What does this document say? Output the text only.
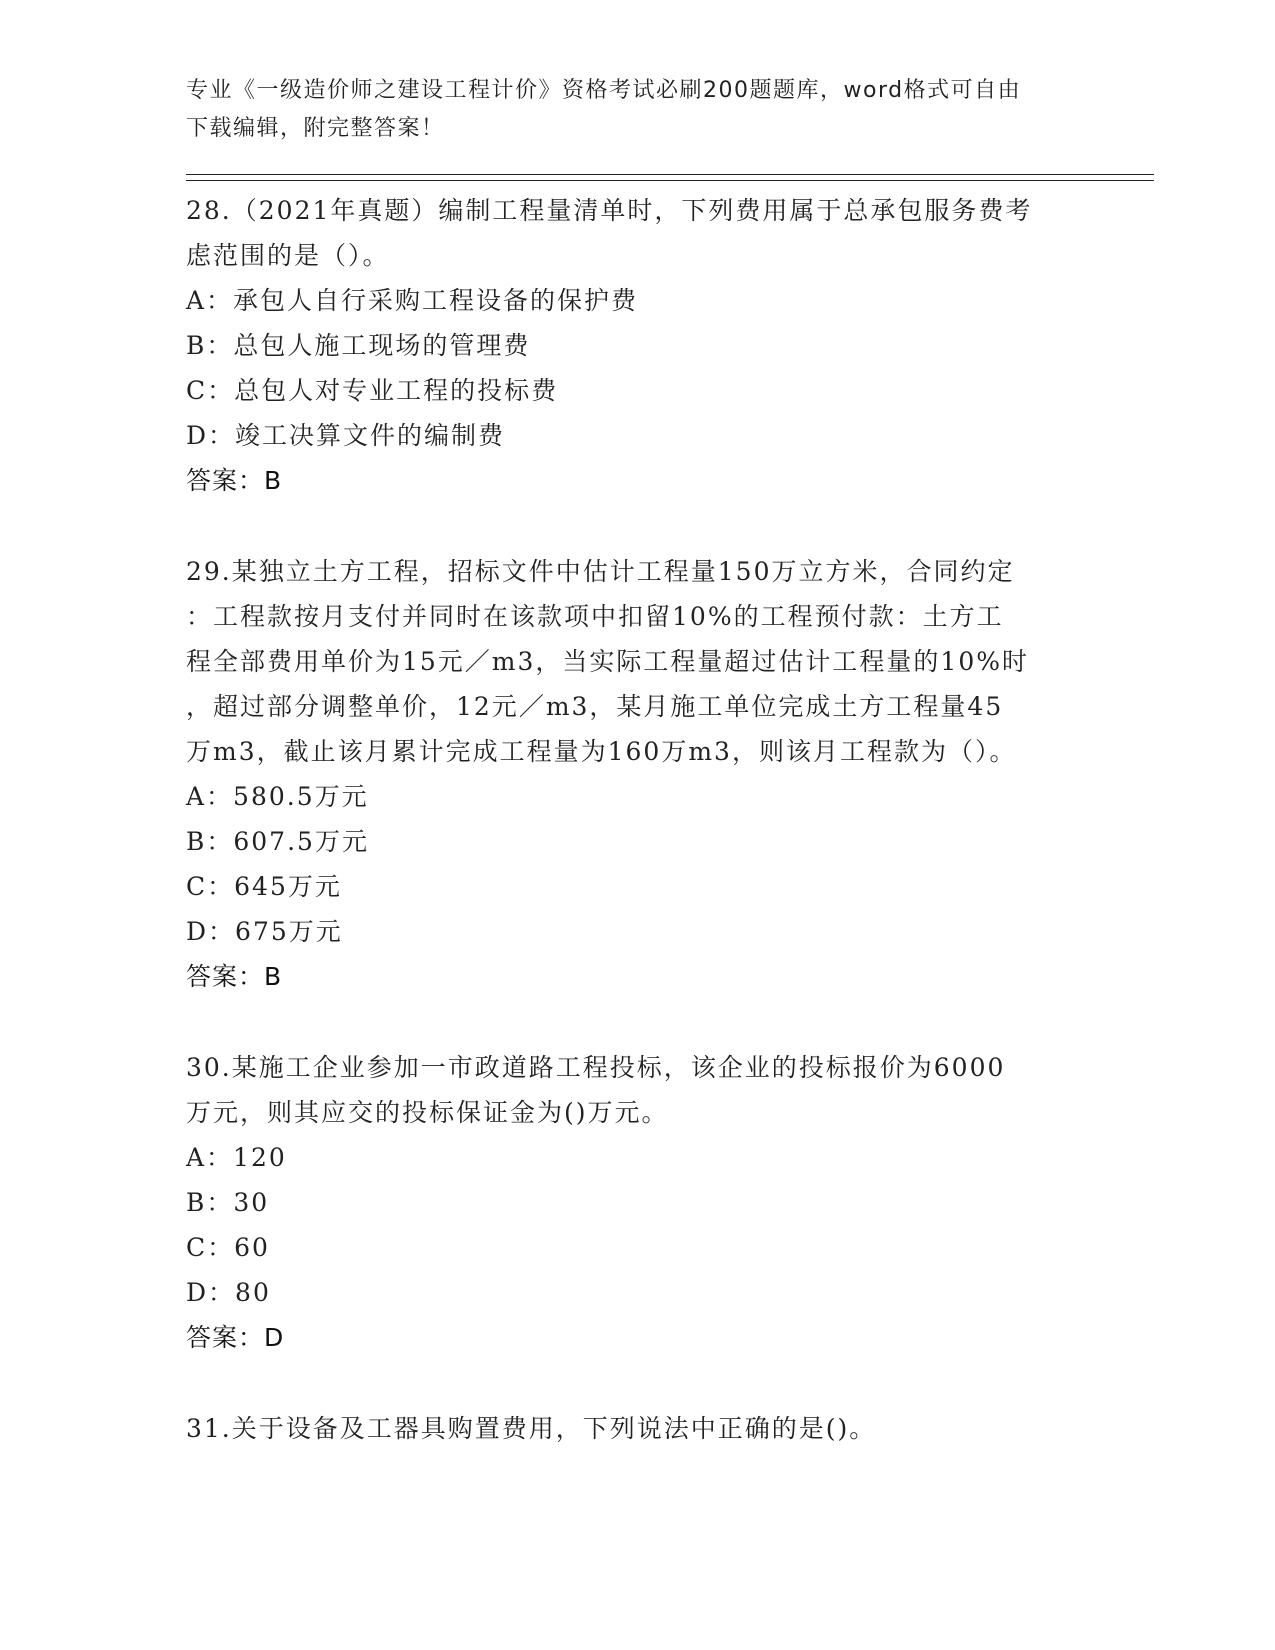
专业《一级造价师之建设工程计价》资格考试必刷200题题库，word格式可自由
下载编辑，附完整答案！

28.（2021年真题）编制工程量清单时，下列费用属于总承包服务费考

虑范围的是（）。

A：承包人自行采购工程设备的保护费

B：总包人施工现场的管理费

C：总包人对专业工程的投标费

D：竣工决算文件的编制费

答案：B

29.某独立土方工程，招标文件中估计工程量150万立方米，合同约定

：工程款按月支付并同时在该款项中扣留10%的工程预付款：土方工

程全部费用单价为15元／m3，当实际工程量超过估计工程量的10%时

，超过部分调整单价，12元／m3，某月施工单位完成土方工程量45

万m3，截止该月累计完成工程量为160万m3，则该月工程款为（）。

A：580.5万元

B：607.5万元

C：645万元

D：675万元

答案：B

30.某施工企业参加一市政道路工程投标，该企业的投标报价为6000

万元，则其应交的投标保证金为()万元。

A：120

B：30

C：60

D：80

答案：D

31.关于设备及工器具购置费用，下列说法中正确的是()。
